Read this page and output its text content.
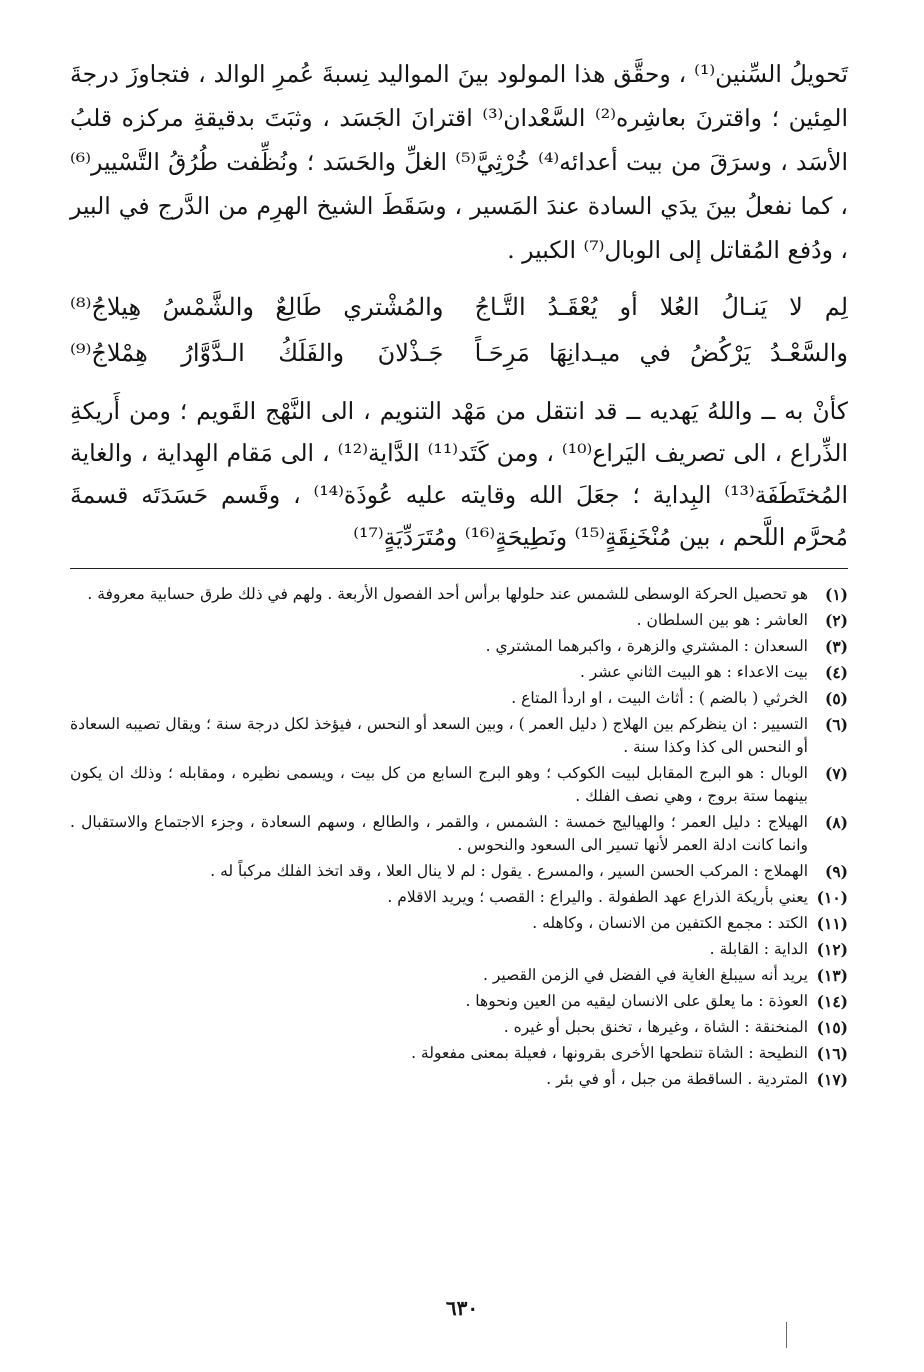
تَحويلُ السِّنين⁽¹⁾ ، وحقَّق هذا المولود بينَ المواليد نِسبةَ عُمرِ الوالد ، فتجاوزَ درجةَ المِئين ؛ واقترنَ بعاشِره⁽²⁾ السَّعْدان⁽³⁾ اقترانَ الجَسَد ، وثبَتَ بدقيقةِ مركزه قلبُ الأسَد ، وسرَقَ من بيت أعدائه⁽⁴⁾ خُرْثِيَّ⁽⁵⁾ الغلِّ والحَسَد ؛ ونُظِّفت طُرُقُ التَّسْيير⁽⁶⁾ ، كما نفعلُ بينَ يدَي السادة عندَ المَسير ، وسَقَطَ الشيخ الهرِم من الدَّرج في البير ، ودُفع المُقاتل إلى الوبال⁽⁷⁾ الكبير .

لِم لا يَنـالُ العُلا أو يُعْقَـدُ التَّـاجُ
والمُشْتري طَالِعٌ والشَّمْسُ هِيلاجُ⁽⁸⁾
والسَّعْـدُ يَرْكُضُ في ميـدانِهَا مَرِحَـاً
جَـذْلانَ والفَلَكُ الـدَّوَّارُ هِمْلاجُ⁽⁹⁾

كأنْ به ــ واللهُ يَهديه ــ قد انتقل من مَهْد التنويم ، الى النَّهْج القَويم ؛ ومن أَريكةِ الذِّراع ، الى تصريف اليَراع⁽¹⁰⁾ ، ومن كَتَد⁽¹¹⁾ الدَّاية⁽¹²⁾ ، الى مَقام الهِداية ، والغاية المُختَطَفَة⁽¹³⁾ البِداية ؛ جعَلَ الله وقايته عليه عُوذَة⁽¹⁴⁾ ، وقَسم حَسَدَتَه قسمةَ مُحرَّم اللَّحم ، بين مُنْخَنِقَةٍ⁽¹⁵⁾ ونَطِيحَةٍ⁽¹⁶⁾ ومُتَرَدِّيَةٍ⁽¹⁷⁾

(١)
هو تحصيل الحركة الوسطى للشمس عند حلولها برأس أحد الفصول الأربعة . ولهم في ذلك طرق حسابية معروفة .
(٢)
العاشر : هو بين السلطان .
(٣)
السعدان : المشتري والزهرة ، واكبرهما المشتري .
(٤)
بيت الاعداء : هو البيت الثاني عشر .
(٥)
الخرثي ( بالضم ) : أثاث البيت ، او اردأ المتاع .
(٦)
التسيير : ان ينظركم بين الهلاج ( دليل العمر ) ، وبين السعد أو النحس ، فيؤخذ لكل درجة سنة ؛ ويقال تصيبه السعادة أو النحس الى كذا وكذا سنة .
(٧)
الوبال : هو البرج المقابل لبيت الكوكب ؛ وهو البرج السابع من كل بيت ، ويسمى نظيره ، ومقابله ؛ وذلك ان يكون بينهما ستة بروج ، وهي نصف الفلك .
(٨)
الهيلاج : دليل العمر ؛ والهياليج خمسة : الشمس ، والقمر ، والطالع ، وسهم السعادة ، وجزء الاجتماع والاستقبال . وانما كانت ادلة العمر لأنها تسير الى السعود والنحوس .
(٩)
الهملاج : المركب الحسن السير ، والمسرع . يقول : لم لا ينال العلا ، وقد اتخذ الفلك مركباً له .
(١٠)
يعني بأريكة الذراع عهد الطفولة . واليراع : القصب ؛ ويريد الاقلام .
(١١)
الكتد : مجمع الكتفين من الانسان ، وكاهله .
(١٢)
الداية : القابلة .
(١٣)
يريد أنه سيبلغ الغاية في الفضل في الزمن القصير .
(١٤)
العوذة : ما يعلق على الانسان ليقيه من العين ونحوها .
(١٥)
المنخنقة : الشاة ، وغيرها ، تخنق بحبل أو غيره .
(١٦)
النطيحة : الشاة تنطحها الأخرى بقرونها ، فعيلة بمعنى مفعولة .
(١٧)
المتردية . الساقطة من جبل ، أو في بئر .
٦٣٠
